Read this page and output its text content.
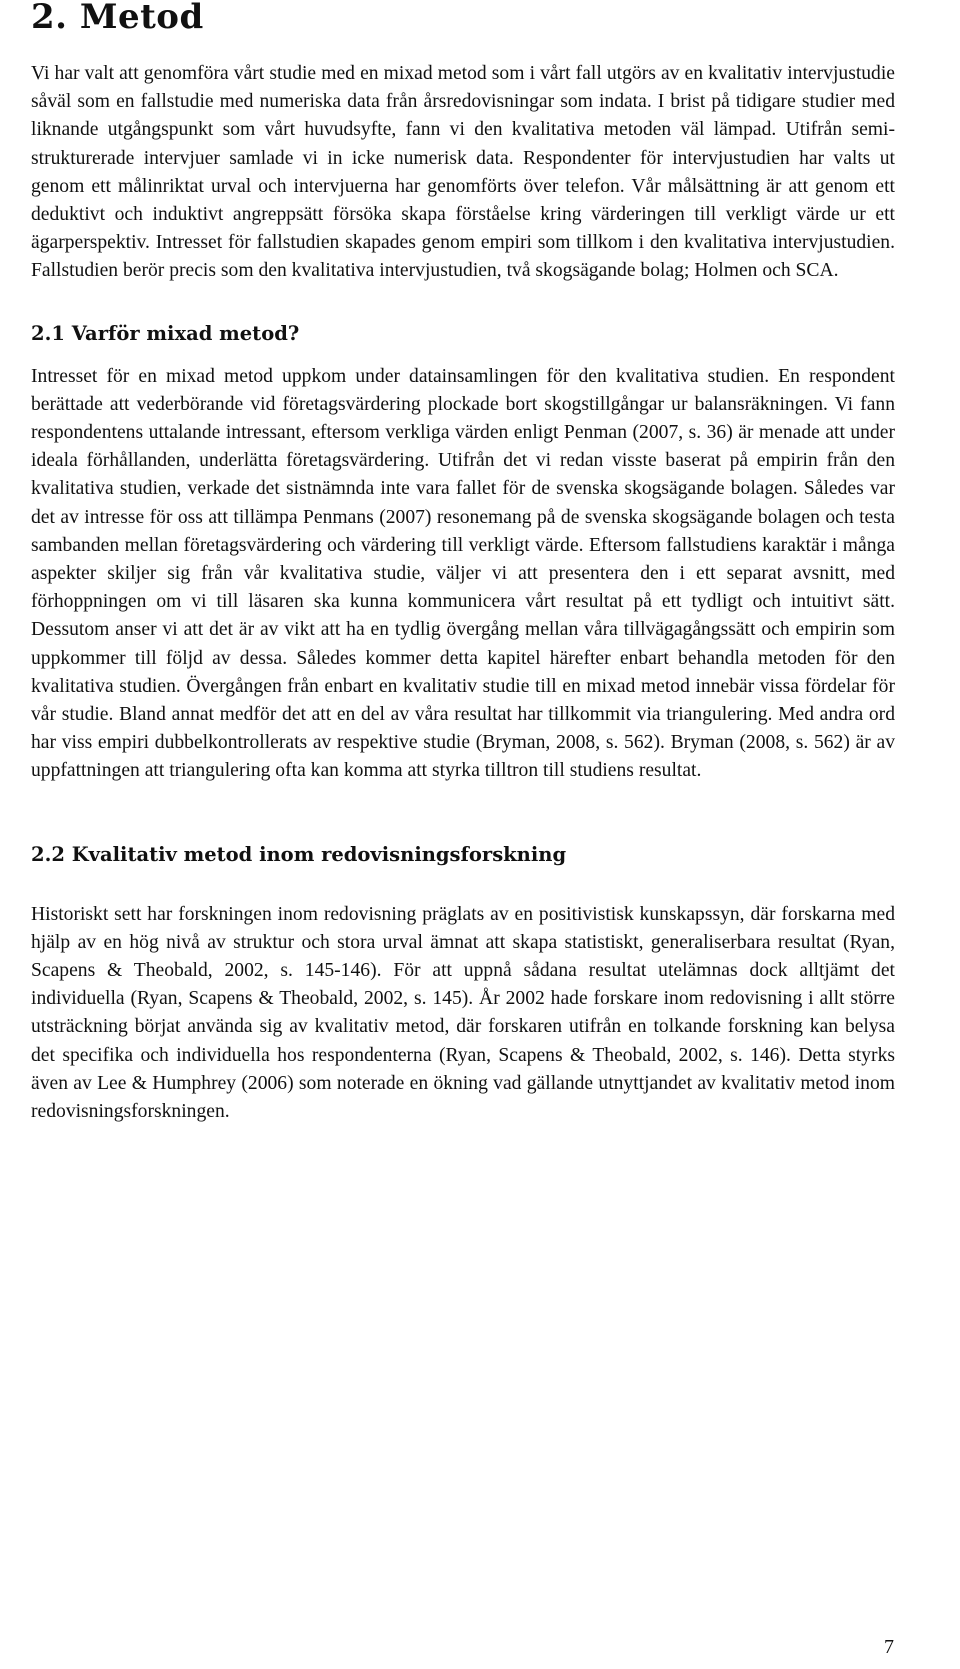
2. Metod

Vi har valt att genomföra vårt studie med en mixad metod som i vårt fall utgörs av en kvalitativ intervjustudie såväl som en fallstudie med numeriska data från årsredovisningar som indata. I brist på tidigare studier med liknande utgångspunkt som vårt huvudsyfte, fann vi den kvalitativa metoden väl lämpad. Utifrån semi-strukturerade intervjuer samlade vi in icke numerisk data. Respondenter för intervjustudien har valts ut genom ett målinriktat urval och intervjuerna har genomförts över telefon. Vår målsättning är att genom ett deduktivt och induktivt angreppsätt försöka skapa förståelse kring värderingen till verkligt värde ur ett ägarperspektiv. Intresset för fallstudien skapades genom empiri som tillkom i den kvalitativa intervjustudien. Fallstudien berör precis som den kvalitativa intervjustudien, två skogsägande bolag; Holmen och SCA.

2.1 Varför mixad metod?

Intresset för en mixad metod uppkom under datainsamlingen för den kvalitativa studien. En respondent berättade att vederbörande vid företagsvärdering plockade bort skogstillgångar ur balansräkningen. Vi fann respondentens uttalande intressant, eftersom verkliga värden enligt Penman (2007, s. 36) är menade att under ideala förhållanden, underlätta företagsvärdering. Utifrån det vi redan visste baserat på empirin från den kvalitativa studien, verkade det sistnämnda inte vara fallet för de svenska skogsägande bolagen. Således var det av intresse för oss att tillämpa Penmans (2007) resonemang på de svenska skogsägande bolagen och testa sambanden mellan företagsvärdering och värdering till verkligt värde. Eftersom fallstudiens karaktär i många aspekter skiljer sig från vår kvalitativa studie, väljer vi att presentera den i ett separat avsnitt, med förhoppningen om vi till läsaren ska kunna kommunicera vårt resultat på ett tydligt och intuitivt sätt. Dessutom anser vi att det är av vikt att ha en tydlig övergång mellan våra tillvägagångssätt och empirin som uppkommer till följd av dessa. Således kommer detta kapitel härefter enbart behandla metoden för den kvalitativa studien. Övergången från enbart en kvalitativ studie till en mixad metod innebär vissa fördelar för vår studie. Bland annat medför det att en del av våra resultat har tillkommit via triangulering. Med andra ord har viss empiri dubbelkontrollerats av respektive studie (Bryman, 2008, s. 562). Bryman (2008, s. 562) är av uppfattningen att triangulering ofta kan komma att styrka tilltron till studiens resultat.

2.2 Kvalitativ metod inom redovisningsforskning

Historiskt sett har forskningen inom redovisning präglats av en positivistisk kunskapssyn, där forskarna med hjälp av en hög nivå av struktur och stora urval ämnat att skapa statistiskt, generaliserbara resultat (Ryan, Scapens & Theobald, 2002, s. 145-146). För att uppnå sådana resultat utelämnas dock alltjämt det individuella (Ryan, Scapens & Theobald, 2002, s. 145). År 2002 hade forskare inom redovisning i allt större utsträckning börjat använda sig av kvalitativ metod, där forskaren utifrån en tolkande forskning kan belysa det specifika och individuella hos respondenterna (Ryan, Scapens & Theobald, 2002, s. 146). Detta styrks även av Lee & Humphrey (2006) som noterade en ökning vad gällande utnyttjandet av kvalitativ metod inom redovisningsforskningen.

7
